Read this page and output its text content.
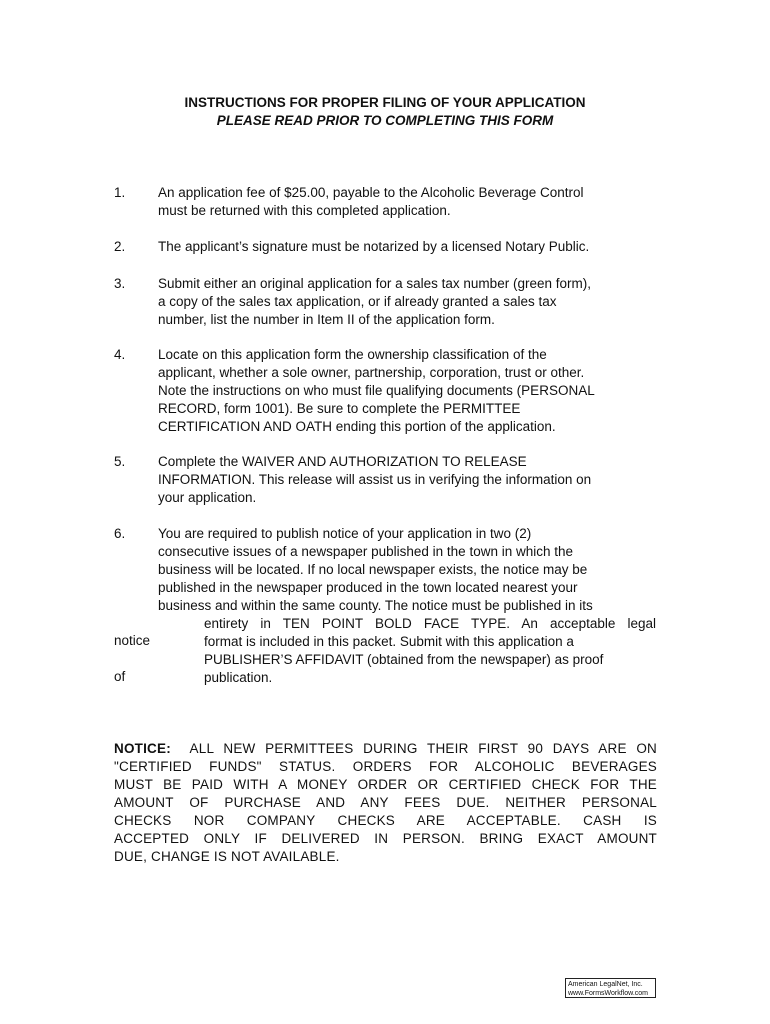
INSTRUCTIONS FOR PROPER FILING OF YOUR APPLICATION
PLEASE READ PRIOR TO COMPLETING THIS FORM
1. An application fee of $25.00, payable to the Alcoholic Beverage Control
must be returned with this completed application.
2. The applicant’s signature must be notarized by a licensed Notary Public.
3. Submit either an original application for a sales tax number (green form),
a copy of the sales tax application, or if already granted a sales tax
number, list the number in Item II of the application form.
4. Locate on this application form the ownership classification of the
applicant, whether a sole owner, partnership, corporation, trust or other.
Note the instructions on who must file qualifying documents (PERSONAL
RECORD, form 1001). Be sure to complete the PERMITTEE
CERTIFICATION AND OATH ending this portion of the application.
5. Complete the WAIVER AND AUTHORIZATION TO RELEASE
INFORMATION. This release will assist us in verifying the information on
your application.
6. You are required to publish notice of your application in two (2)
consecutive issues of a newspaper published in the town in which the
business will be located. If no local newspaper exists, the notice may be
published in the newspaper produced in the town located nearest your
business and within the same county. The notice must be published in its
entirety in TEN POINT BOLD FACE TYPE. An acceptable legal
format is included in this packet. Submit with this application a
PUBLISHER’S AFFIDAVIT (obtained from the newspaper) as proof
publication.
notice
of
NOTICE:  ALL NEW PERMITTEES DURING THEIR FIRST 90 DAYS ARE ON
"CERTIFIED FUNDS" STATUS. ORDERS FOR ALCOHOLIC BEVERAGES
MUST BE PAID WITH A MONEY ORDER OR CERTIFIED CHECK FOR THE
AMOUNT OF PURCHASE AND ANY FEES DUE. NEITHER PERSONAL
CHECKS NOR COMPANY CHECKS ARE ACCEPTABLE. CASH IS
ACCEPTED ONLY IF DELIVERED IN PERSON. BRING EXACT AMOUNT
DUE, CHANGE IS NOT AVAILABLE.
American LegalNet, Inc.
www.FormsWorkflow.com
